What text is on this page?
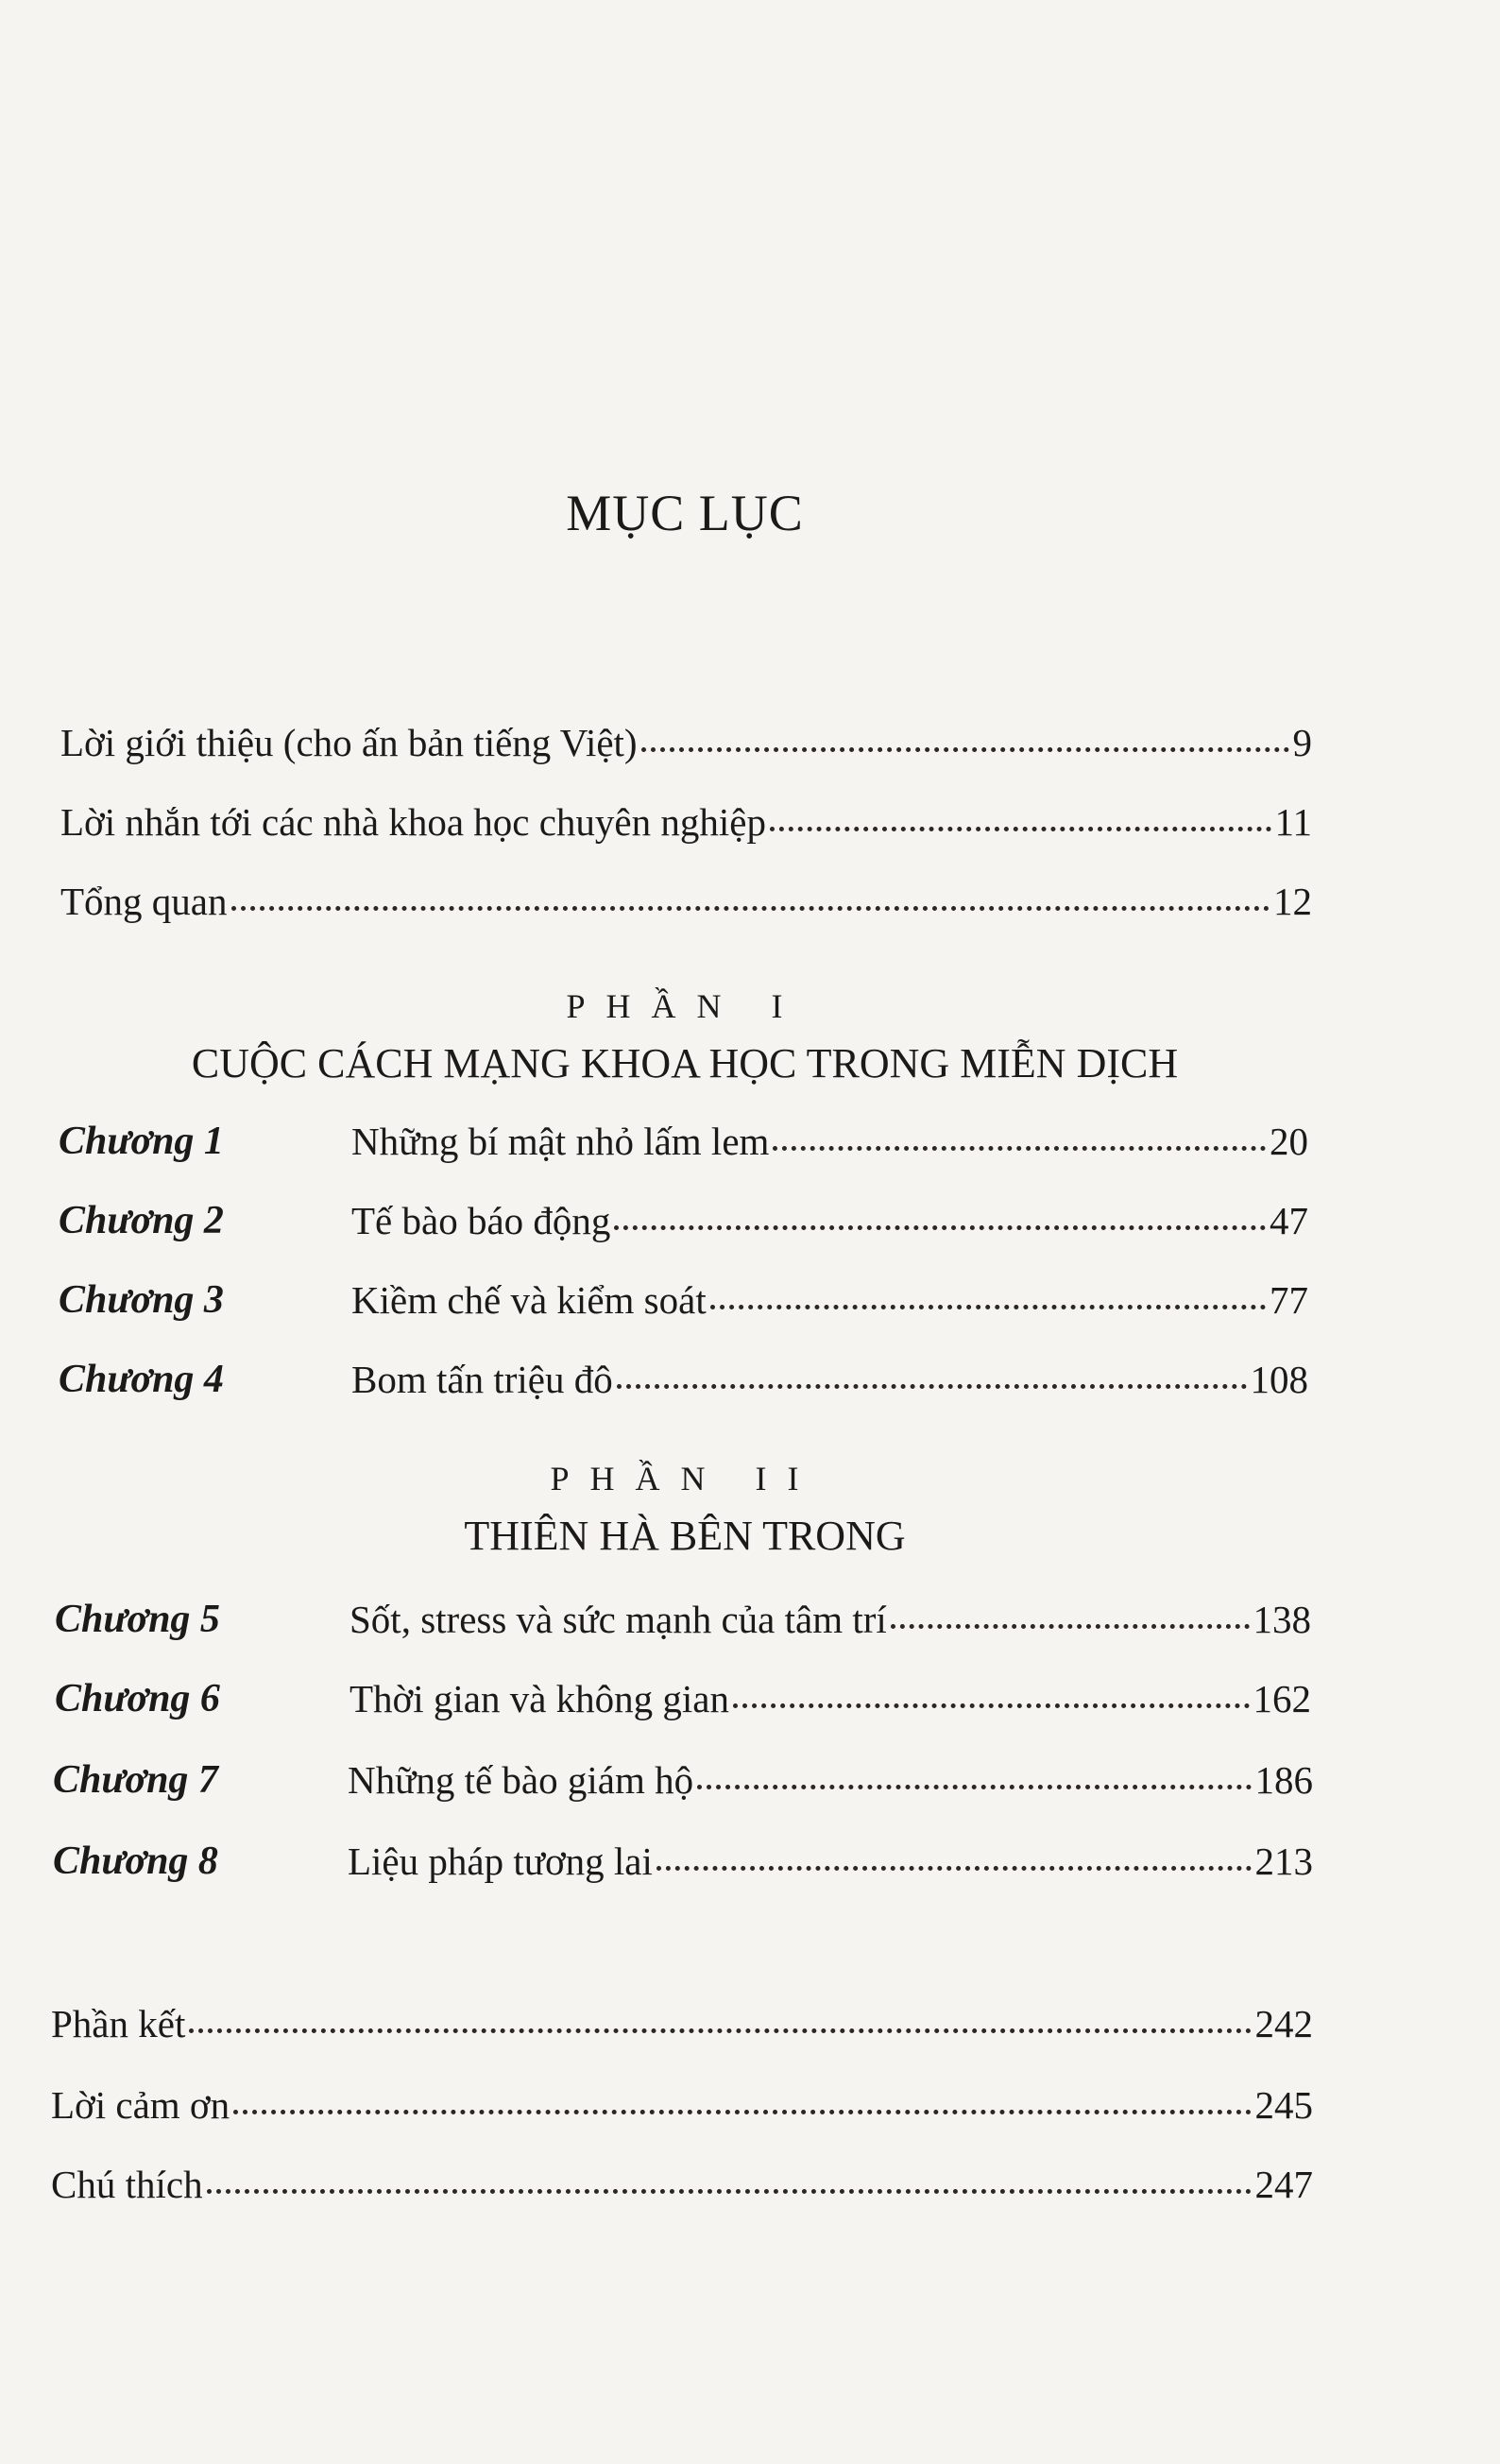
MỤC LỤC
Lời giới thiệu (cho ấn bản tiếng Việt)	9
Lời nhắn tới các nhà khoa học chuyên nghiệp	11
Tổng quan	12
PHẦN I
CUỘC CÁCH MẠNG KHOA HỌC TRONG MIỄN DỊCH
Chương 1	Những bí mật nhỏ lấm lem	20
Chương 2	Tế bào báo động	47
Chương 3	Kiềm chế và kiểm soát	77
Chương 4	Bom tấn triệu đô	108
PHẦN II
THIÊN HÀ BÊN TRONG
Chương 5	Sốt, stress và sức mạnh của tâm trí	138
Chương 6	Thời gian và không gian	162
Chương 7	Những tế bào giám hộ	186
Chương 8	Liệu pháp tương lai	213
Phần kết	242
Lời cảm ơn	245
Chú thích	247
